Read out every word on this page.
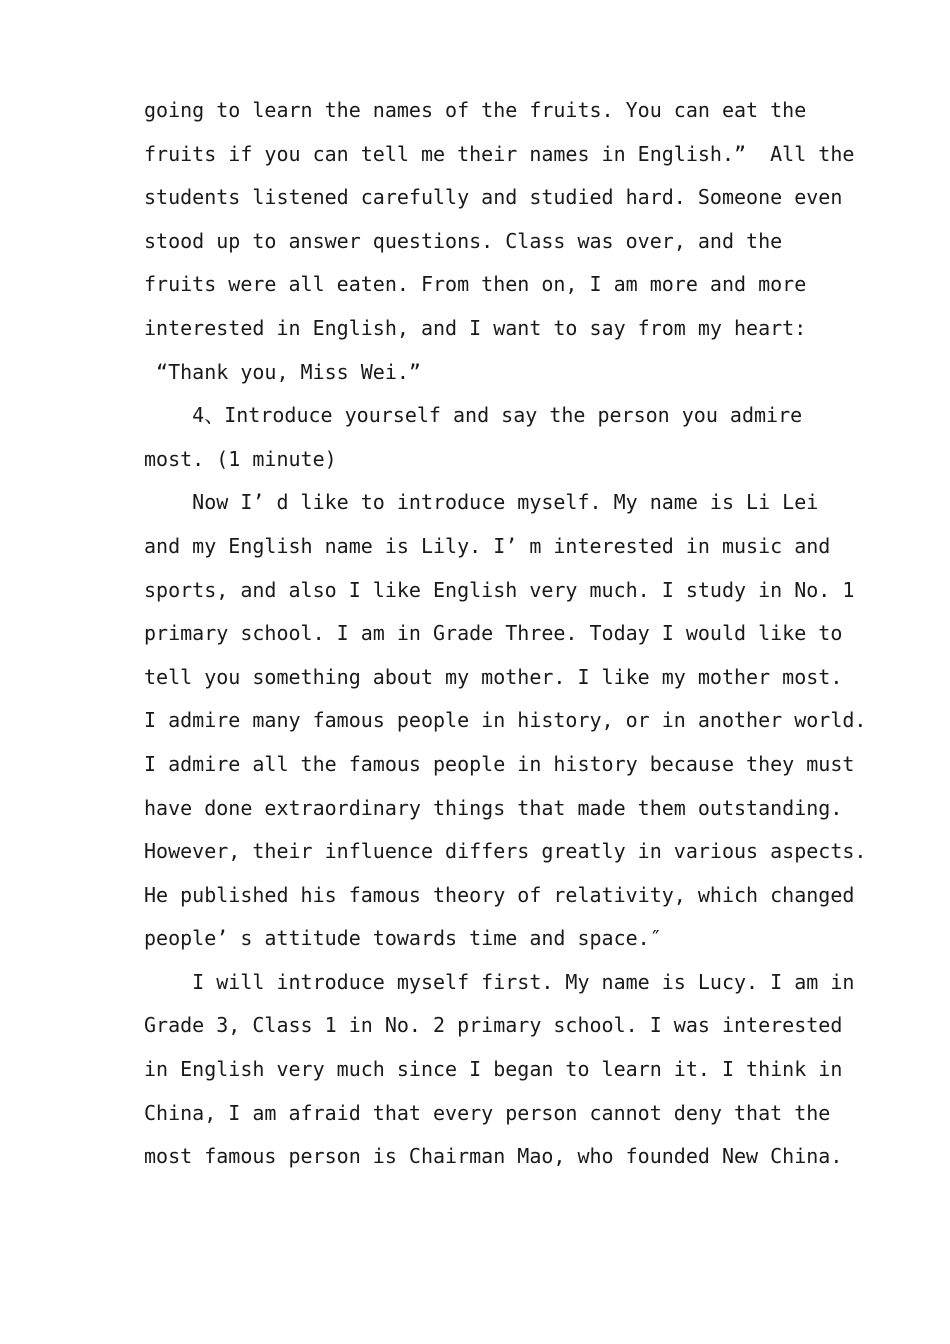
going to learn the names of the fruits. You can eat the
fruits if you can tell me their names in English.”  All the
students listened carefully and studied hard. Someone even
stood up to answer questions. Class was over, and the
fruits were all eaten. From then on, I am more and more
interested in English, and I want to say from my heart:
“Thank you, Miss Wei.”
4、Introduce yourself and say the person you admire
most. (1 minute)
Now I’ d like to introduce myself. My name is Li Lei
and my English name is Lily. I’ m interested in music and
sports, and also I like English very much. I study in No. 1
primary school. I am in Grade Three. Today I would like to
tell you something about my mother. I like my mother most.
I admire many famous people in history, or in another world.
I admire all the famous people in history because they must
have done extraordinary things that made them outstanding.
However, their influence differs greatly in various aspects.
He published his famous theory of relativity, which changed
people’ s attitude towards time and space.″
I will introduce myself first. My name is Lucy. I am in
Grade 3, Class 1 in No. 2 primary school. I was interested
in English very much since I began to learn it. I think in
China, I am afraid that every person cannot deny that the
most famous person is Chairman Mao, who founded New China.
